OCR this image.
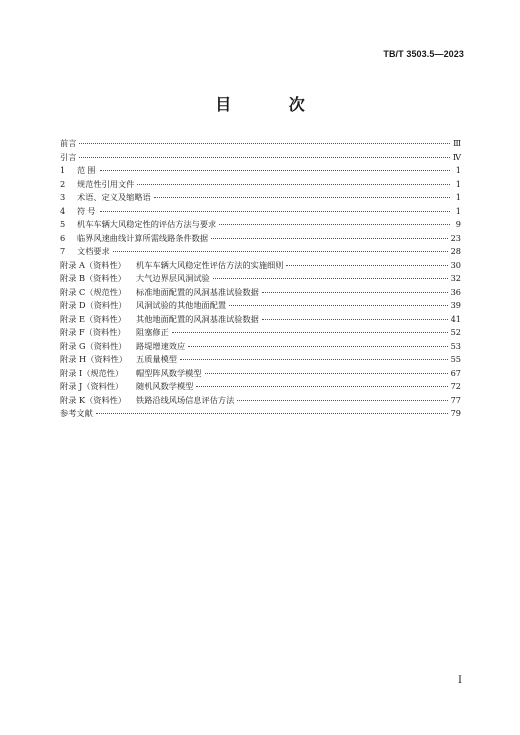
TB/T 3503.5—2023
目 次
前言	Ⅲ
引言	Ⅳ
1	范围	1
2	规范性引用文件	1
3	术语、定义及缩略语	1
4	符号	1
5	机车车辆大风稳定性的评估方法与要求	9
6	临界风速曲线计算所需线路条件数据	23
7	文档要求	28
附录 A（资料性）	机车车辆大风稳定性评估方法的实施细则	30
附录 B（资料性）	大气边界层风洞试验	32
附录 C（规范性）	标准地面配置的风洞基准试验数据	36
附录 D（资料性）	风洞试验的其他地面配置	39
附录 E（资料性）	其他地面配置的风洞基准试验数据	41
附录 F（资料性）	阻塞修正	52
附录 G（资料性）	路堤增速效应	53
附录 H（资料性）	五质量模型	55
附录 I（规范性）	帽型阵风数学模型	67
附录 J（资料性）	随机风数学模型	72
附录 K（资料性）	铁路沿线风场信息评估方法	77
参考文献	79
Ⅰ
